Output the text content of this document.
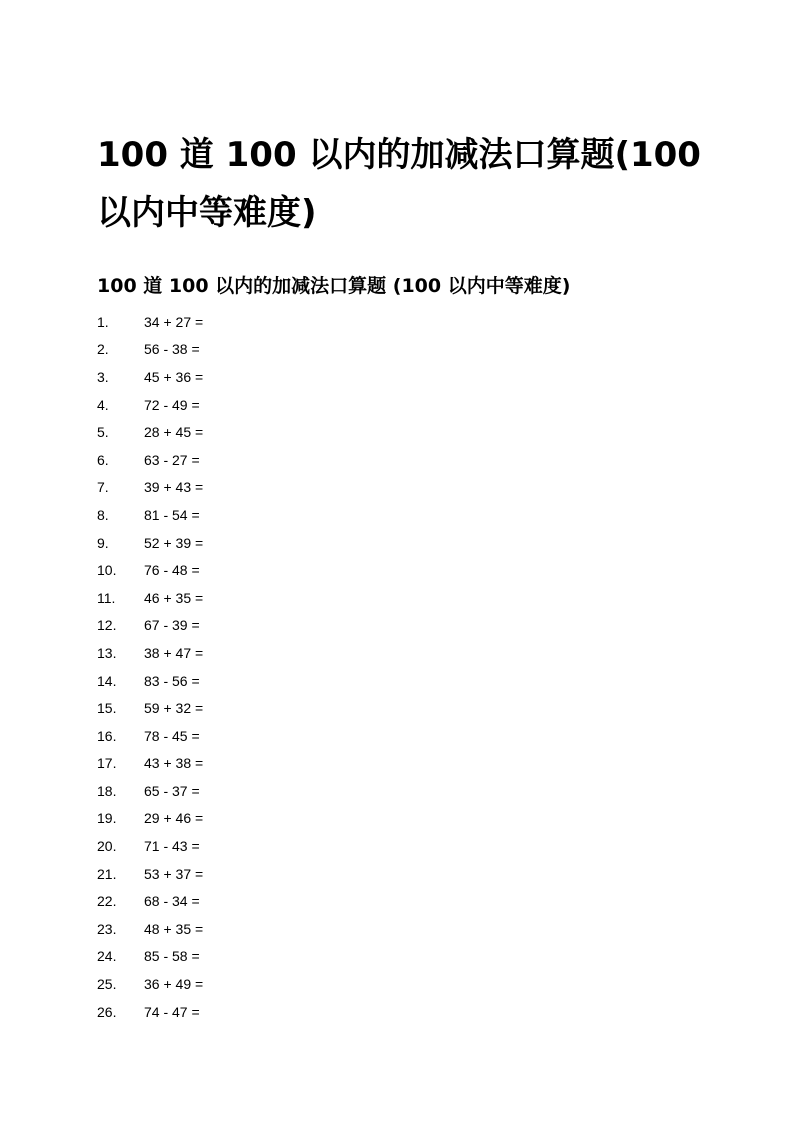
100 道 100 以内的加减法口算题(100 以内中等难度)
100 道 100 以内的加减法口算题 (100 以内中等难度)
1.	34 + 27 =
2.	56 - 38 =
3.	45 + 36 =
4.	72 - 49 =
5.	28 + 45 =
6.	63 - 27 =
7.	39 + 43 =
8.	81 - 54 =
9.	52 + 39 =
10.	76 - 48 =
11.	46 + 35 =
12.	67 - 39 =
13.	38 + 47 =
14.	83 - 56 =
15.	59 + 32 =
16.	78 - 45 =
17.	43 + 38 =
18.	65 - 37 =
19.	29 + 46 =
20.	71 - 43 =
21.	53 + 37 =
22.	68 - 34 =
23.	48 + 35 =
24.	85 - 58 =
25.	36 + 49 =
26.	74 - 47 =
